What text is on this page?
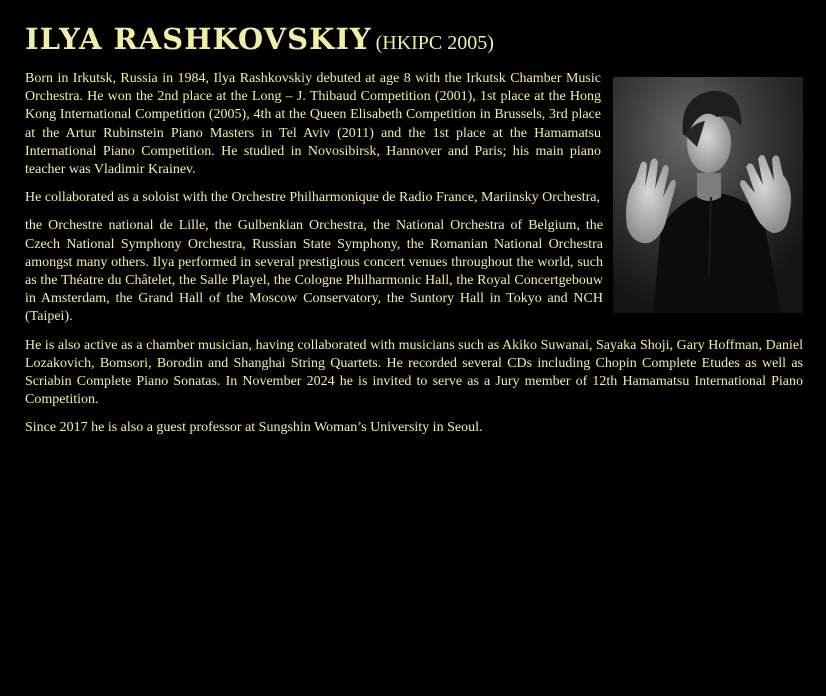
ILYA RASHKOVSKIY (HKIPC 2005)

Born in Irkutsk, Russia in 1984, Ilya Rashkovskiy debuted at age 8 with the Irkutsk Chamber Music Orchestra. He won the 2nd place at the Long – J. Thibaud Competition (2001), 1st place at the Hong Kong International Competition (2005), 4th at the Queen Elisabeth Competition in Brussels, 3rd place at the Artur Rubinstein Piano Masters in Tel Aviv (2011) and the 1st place at the Hamamatsu International Piano Competition. He studied in Novosibirsk, Hannover and Paris; his main piano teacher was Vladimir Krainev.

He collaborated as a soloist with the Orchestre Philharmonique de Radio France, Mariinsky Orchestra,

the Orchestre national de Lille, the Gulbenkian Orchestra, the National Orchestra of Belgium, the Czech National Symphony Orchestra, Russian State Symphony, the Romanian National Orchestra amongst many others. Ilya performed in several prestigious concert venues throughout the world, such as the Théatre du Châtelet, the Salle Playel, the Cologne Philharmonic Hall, the Royal Concertgebouw in Amsterdam, the Grand Hall of the Moscow Conservatory, the Suntory Hall in Tokyo and NCH (Taipei).

He is also active as a chamber musician, having collaborated with musicians such as Akiko Suwanai, Sayaka Shoji, Gary Hoffman, Daniel Lozakovich, Bomsori, Borodin and Shanghai String Quartets. He recorded several CDs including Chopin Complete Etudes as well as Scriabin Complete Piano Sonatas. In November 2024 he is invited to serve as a Jury member of 12th Hamamatsu International Piano Competition.

Since 2017 he is also a guest professor at Sungshin Woman’s University in Seoul.
